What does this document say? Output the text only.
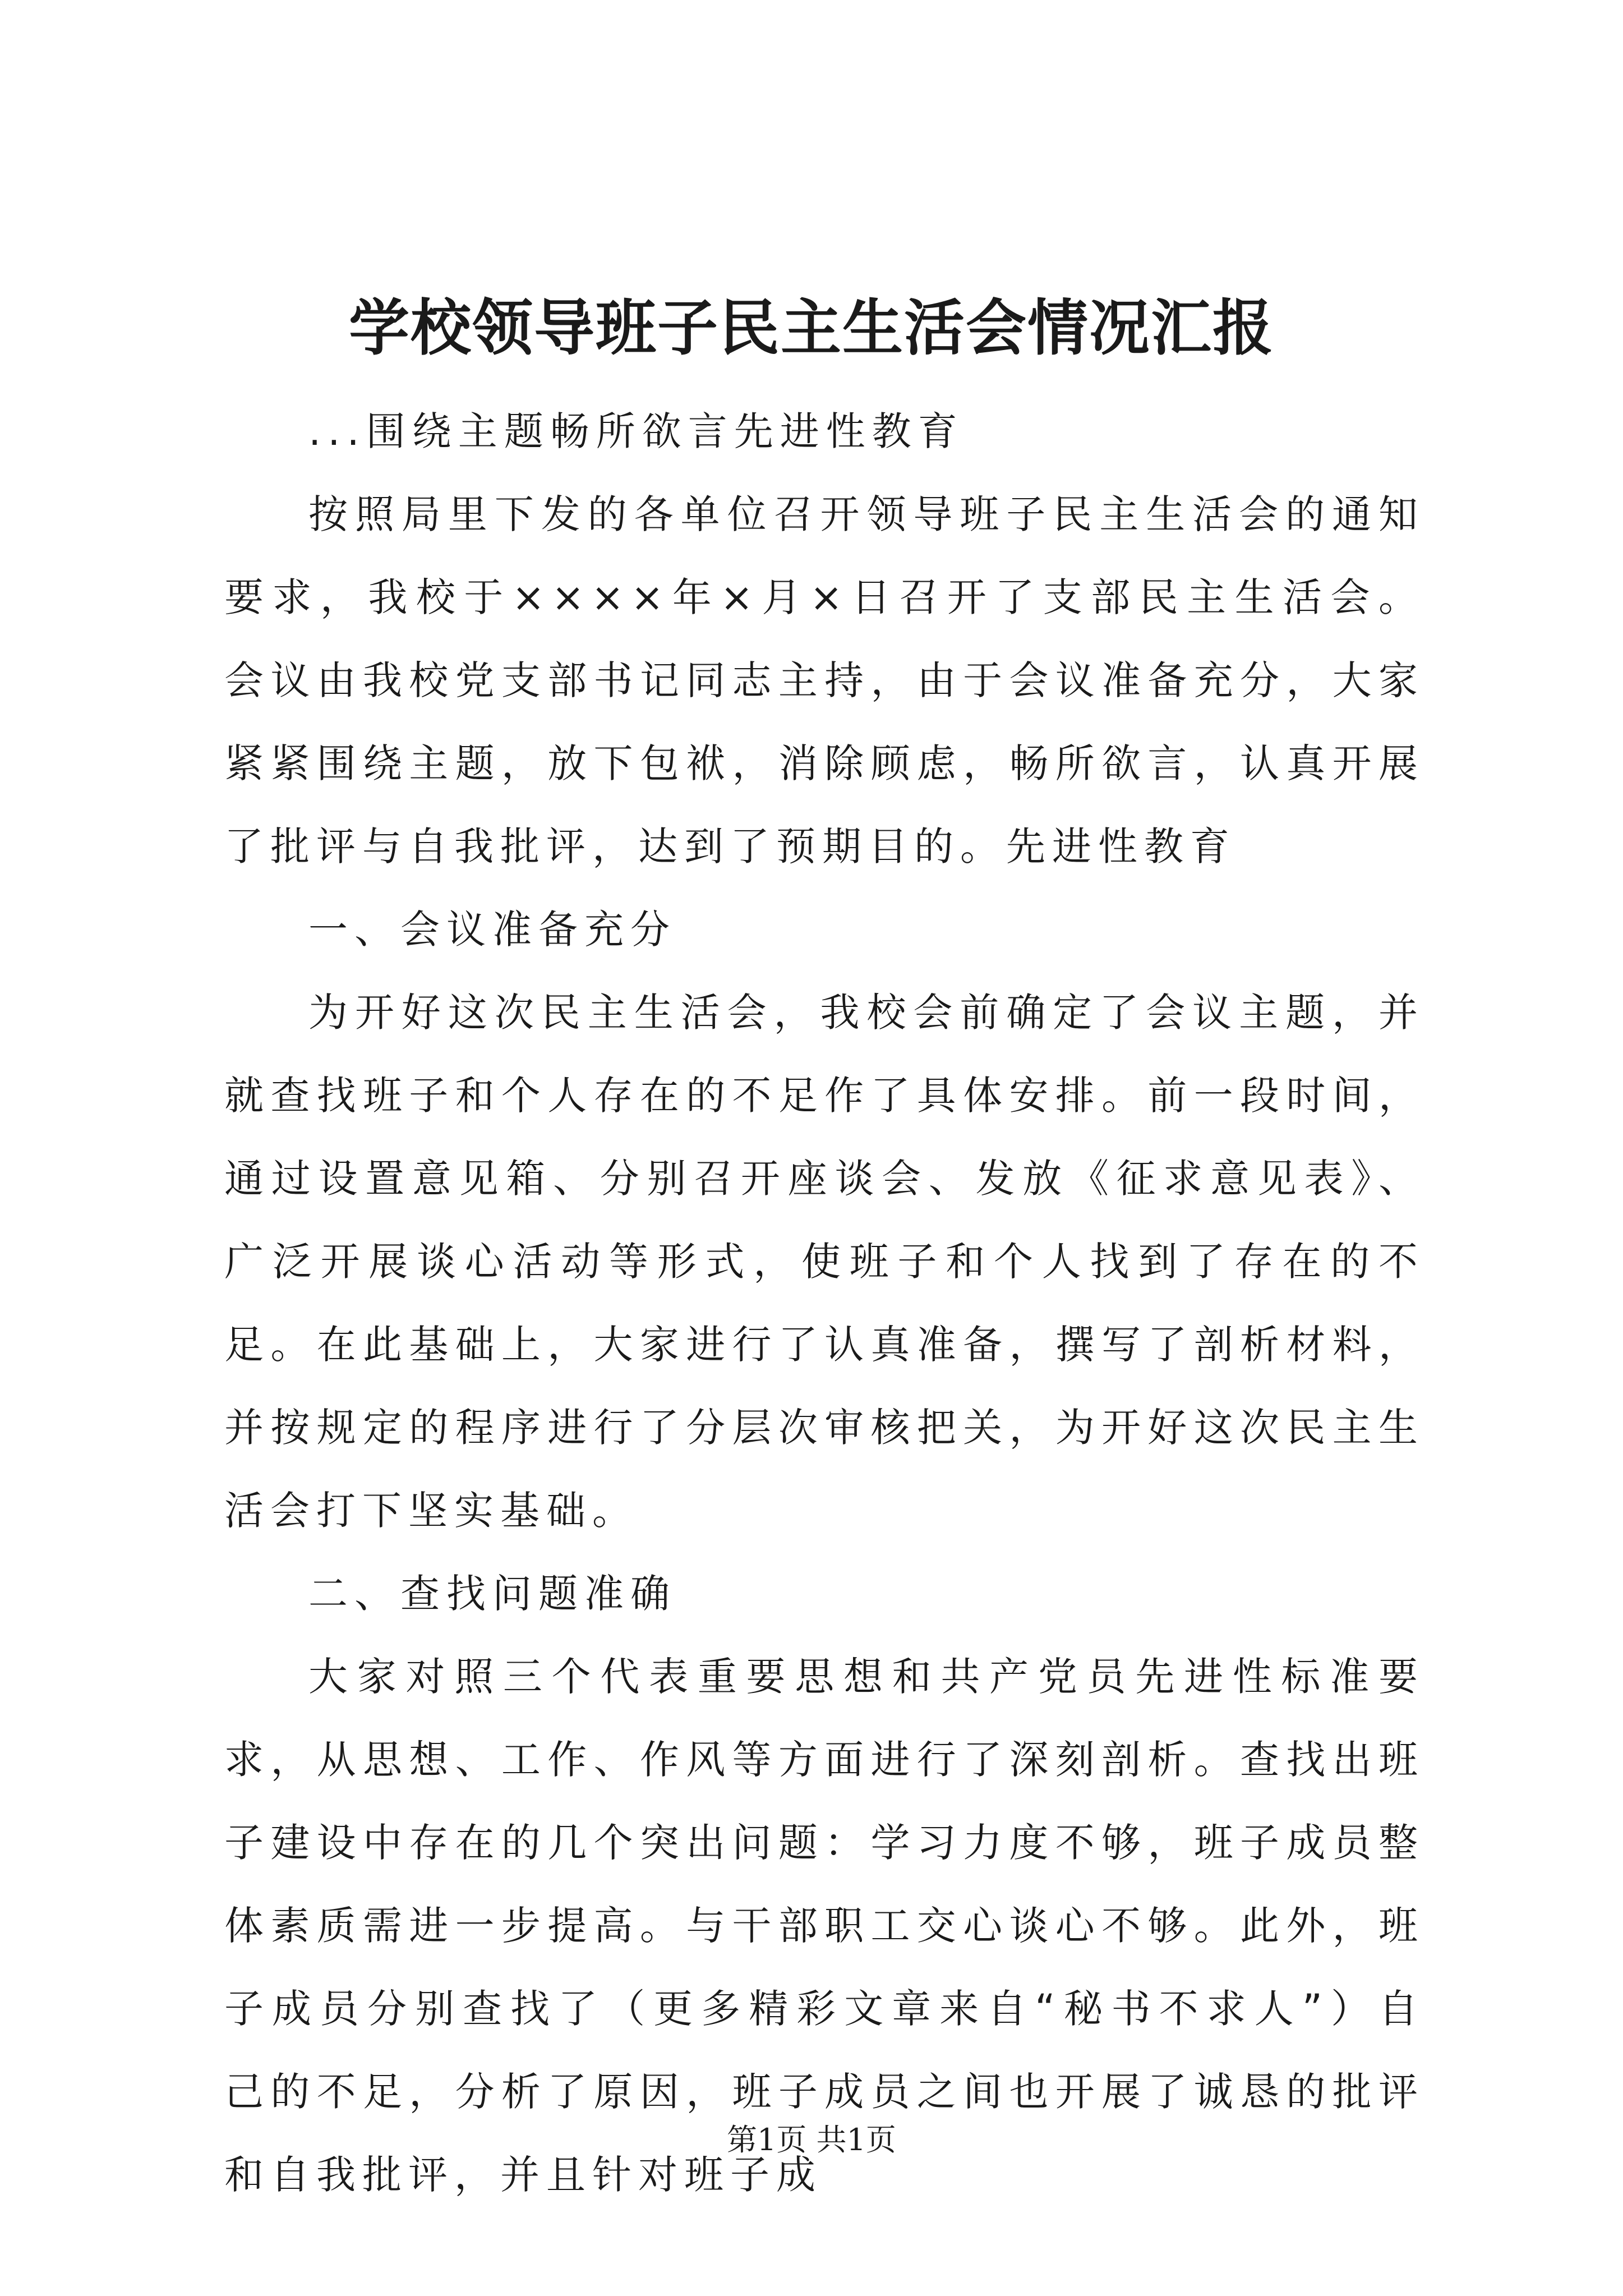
学校领导班子民主生活会情况汇报

...围绕主题畅所欲言先进性教育

按照局里下发的各单位召开领导班子民主生活会的通知要求，我校于××××年×月×日召开了支部民主生活会。会议由我校党支部书记同志主持，由于会议准备充分，大家紧紧围绕主题，放下包袱，消除顾虑，畅所欲言，认真开展了批评与自我批评，达到了预期目的。先进性教育

一、会议准备充分

为开好这次民主生活会，我校会前确定了会议主题，并就查找班子和个人存在的不足作了具体安排。前一段时间，通过设置意见箱、分别召开座谈会、发放《征求意见表》、广泛开展谈心活动等形式，使班子和个人找到了存在的不足。在此基础上，大家进行了认真准备，撰写了剖析材料，并按规定的程序进行了分层次审核把关，为开好这次民主生活会打下坚实基础。

二、查找问题准确

大家对照三个代表重要思想和共产党员先进性标准要求，从思想、工作、作风等方面进行了深刻剖析。查找出班子建设中存在的几个突出问题：学习力度不够，班子成员整体素质需进一步提高。与干部职工交心谈心不够。此外，班子成员分别查找了（更多精彩文章来自“秘书不求人”）自己的不足，分析了原因，班子成员之间也开展了诚恳的批评和自我批评，并且针对班子成

第1页 共1页
